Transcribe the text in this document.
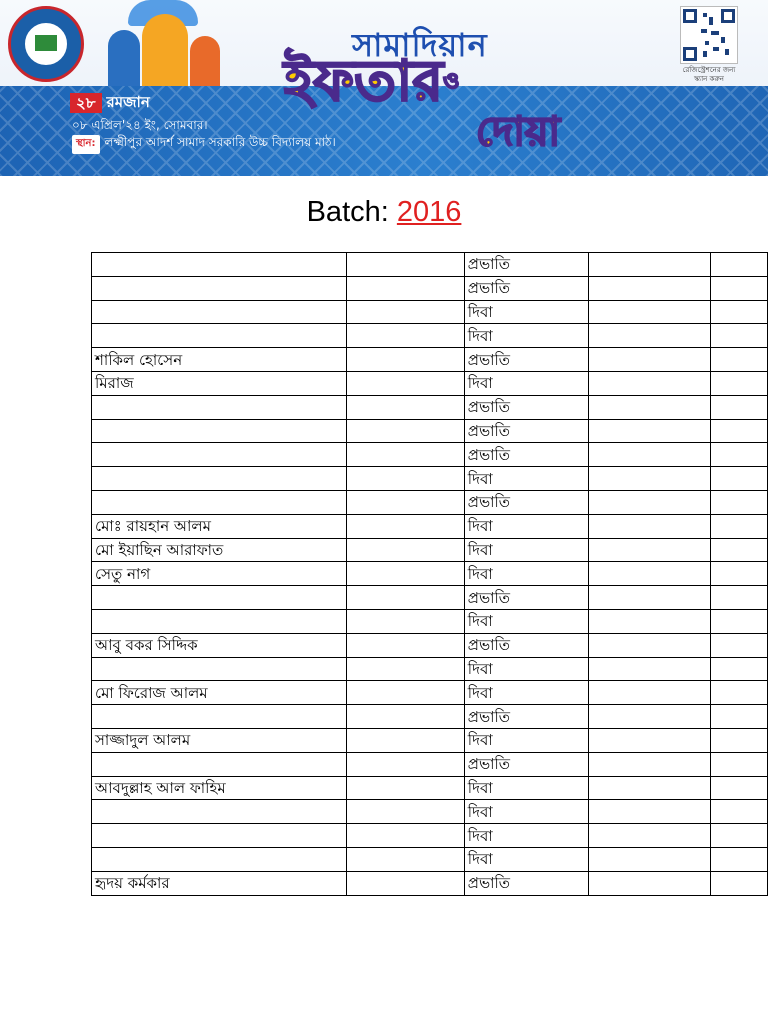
সামাদিয়ান
ইফতার$^ও$
দোয়া
২৮ রমজান
০৮ এপ্রিল'২৪ ইং, সোমবার।
স্থান: লক্ষ্মীপুর আদর্শ সামাদ সরকারি উচ্চ বিদ্যালয় মাঠ।
রেজিস্ট্রেশনের জন্য
স্ক্যান করুন
Batch: 2016
		প্রভাতি		
		প্রভাতি		
		দিবা		
		দিবা		
শাকিল হোসেন		প্রভাতি		
মিরাজ		দিবা		
		প্রভাতি		
		প্রভাতি		
		প্রভাতি		
		দিবা		
		প্রভাতি		
মোঃ রায়হান আলম		দিবা		
মো ইয়াছিন আরাফাত		দিবা		
সেতু নাগ		দিবা		
		প্রভাতি		
		দিবা		
আবু বকর সিদ্দিক		প্রভাতি		
		দিবা		
মো ফিরোজ আলম		দিবা		
		প্রভাতি		
সাজ্জাদুল আলম		দিবা		
		প্রভাতি		
আবদুল্লাহ আল ফাহিম		দিবা		
		দিবা		
		দিবা		
		দিবা		
হৃদয় কর্মকার		প্রভাতি		
